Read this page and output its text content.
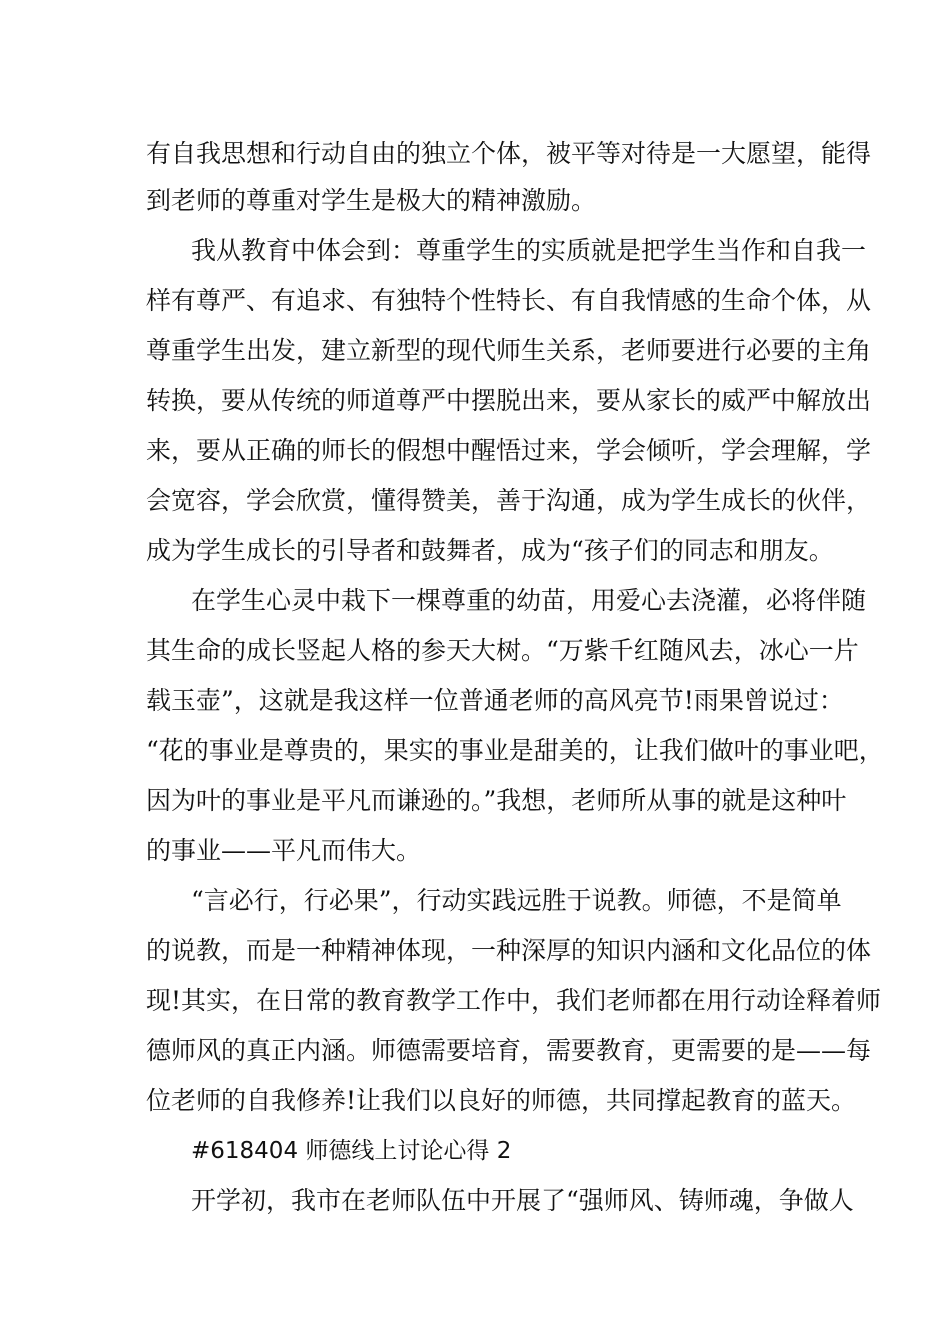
有自我思想和行动自由的独立个体，被平等对待是一大愿望，能得
到老师的尊重对学生是极大的精神激励。
我从教育中体会到：尊重学生的实质就是把学生当作和自我一
样有尊严、有追求、有独特个性特长、有自我情感的生命个体，从
尊重学生出发，建立新型的现代师生关系，老师要进行必要的主角
转换，要从传统的师道尊严中摆脱出来，要从家长的威严中解放出
来，要从正确的师长的假想中醒悟过来，学会倾听，学会理解，学
会宽容，学会欣赏，懂得赞美，善于沟通，成为学生成长的伙伴，
成为学生成长的引导者和鼓舞者，成为“孩子们的同志和朋友。
在学生心灵中栽下一棵尊重的幼苗，用爱心去浇灌，必将伴随
其生命的成长竖起人格的参天大树。“万紫千红随风去，冰心一片
载玉壶”，这就是我这样一位普通老师的高风亮节!雨果曾说过：
“花的事业是尊贵的，果实的事业是甜美的，让我们做叶的事业吧，
因为叶的事业是平凡而谦逊的。”我想，老师所从事的就是这种叶
的事业——平凡而伟大。
“言必行，行必果”，行动实践远胜于说教。师德，不是简单
的说教，而是一种精神体现，一种深厚的知识内涵和文化品位的体
现!其实，在日常的教育教学工作中，我们老师都在用行动诠释着师
德师风的真正内涵。师德需要培育，需要教育，更需要的是——每
位老师的自我修养!让我们以良好的师德，共同撑起教育的蓝天。
#618404 师德线上讨论心得 2
开学初，我市在老师队伍中开展了“强师风、铸师魂，争做人
